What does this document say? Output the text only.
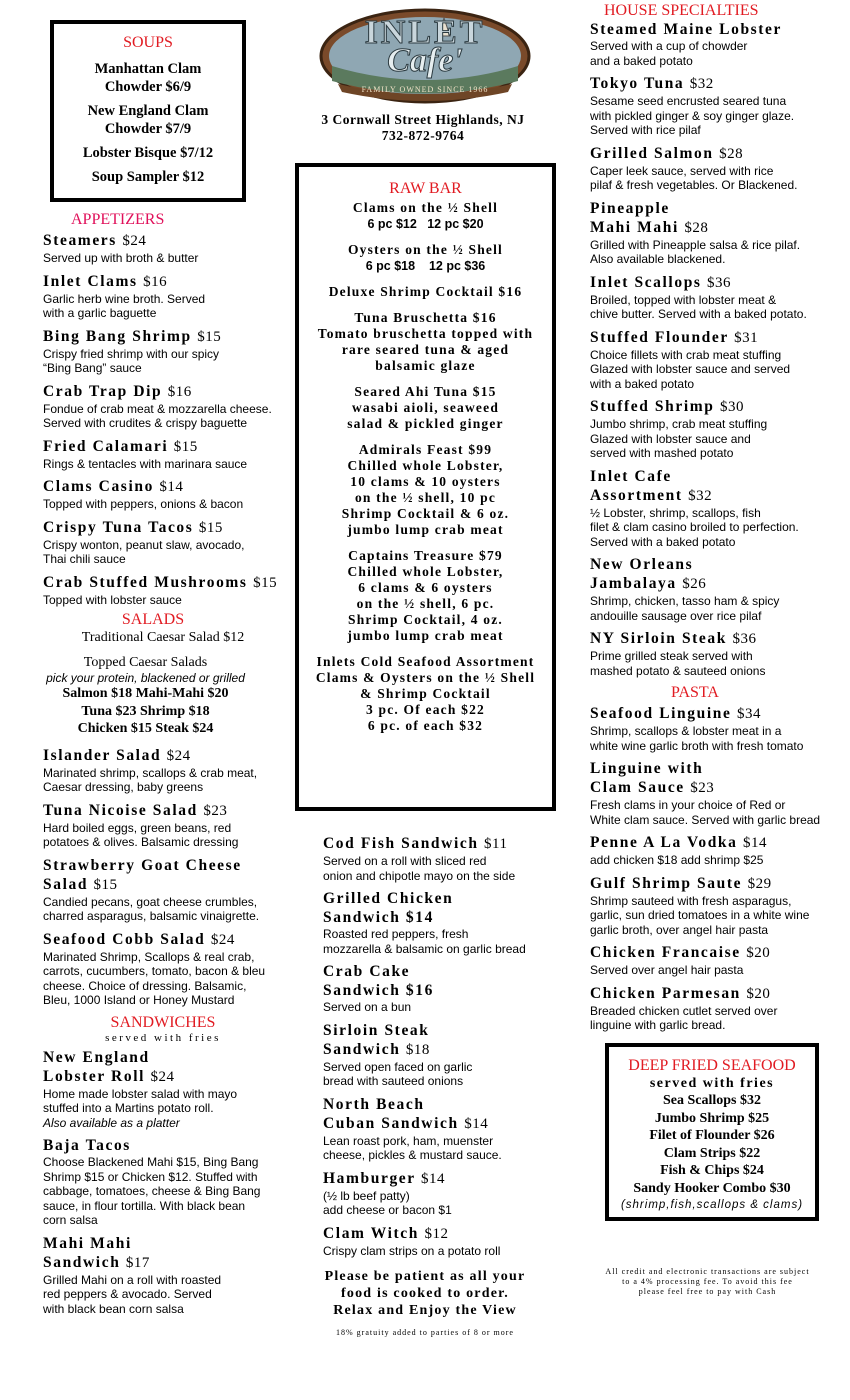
SOUPS
Manhattan Clam
Chowder $6/9
New England Clam
Chowder $7/9
Lobster Bisque $7/12
Soup Sampler $12
INLET
Cafe'
FAMILY OWNED SINCE 1966
3 Cornwall Street Highlands, NJ
732-872-9764
RAW BAR
Clams on the ½ Shell
6 pc $12   12 pc $20
Oysters on the ½ Shell
6 pc $18    12 pc $36
Deluxe Shrimp Cocktail $16
Tuna Bruschetta $16
Tomato bruschetta topped with
rare seared tuna & aged
balsamic glaze
Seared Ahi Tuna $15
wasabi aioli, seaweed
salad & pickled ginger
Admirals Feast $99
Chilled whole Lobster,
10 clams & 10 oysters
on the ½ shell, 10 pc
Shrimp Cocktail & 6 oz.
jumbo lump crab meat
Captains Treasure $79
Chilled whole Lobster,
6 clams & 6 oysters
on the ½ shell, 6 pc.
Shrimp Cocktail, 4 oz.
jumbo lump crab meat
Inlets Cold Seafood Assortment
Clams & Oysters on the ½ Shell
& Shrimp Cocktail
3 pc. Of each $22
6 pc. of each $32
APPETIZERS
Steamers $24
Served up with broth & butter
Inlet Clams $16
Garlic herb wine broth. Served
with a garlic baguette
Bing Bang Shrimp $15
Crispy fried shrimp with our spicy
“Bing Bang” sauce
Crab Trap Dip $16
Fondue of crab meat & mozzarella cheese.
Served with crudites & crispy baguette
Fried Calamari $15
Rings & tentacles with marinara sauce
Clams Casino $14
Topped with peppers, onions & bacon
Crispy Tuna Tacos $15
Crispy wonton, peanut slaw, avocado,
Thai chili sauce
Crab Stuffed Mushrooms $15
Topped with lobster sauce
SALADS
Traditional Caesar Salad $12
Topped Caesar Salads
pick your protein, blackened or grilled
Salmon $18 Mahi-Mahi $20
Tuna $23 Shrimp $18
Chicken $15 Steak $24
Islander Salad $24
Marinated shrimp, scallops & crab meat,
Caesar dressing, baby greens
Tuna Nicoise Salad $23
Hard boiled eggs, green beans, red
potatoes & olives. Balsamic dressing
Strawberry Goat Cheese
Salad $15
Candied pecans, goat cheese crumbles,
charred asparagus, balsamic vinaigrette.
Seafood Cobb Salad $24
Marinated Shrimp, Scallops & real crab,
carrots, cucumbers, tomato, bacon & bleu
cheese. Choice of dressing. Balsamic,
Bleu, 1000 Island or Honey Mustard
SANDWICHES
served with fries
New England
Lobster Roll $24
Home made lobster salad with mayo
stuffed into a Martins potato roll.
Also available as a platter
Baja Tacos
Choose Blackened Mahi $15, Bing Bang
Shrimp $15 or Chicken $12. Stuffed with
cabbage, tomatoes, cheese & Bing Bang
sauce, in flour tortilla. With black bean
corn salsa
Mahi Mahi
Sandwich $17
Grilled Mahi on a roll with roasted
red peppers & avocado. Served
with black bean corn salsa
Cod Fish Sandwich $11
Served on a roll with sliced red
onion and chipotle mayo on the side
Grilled Chicken
Sandwich $14
Roasted red peppers, fresh
mozzarella & balsamic on garlic bread
Crab Cake
Sandwich $16
Served on a bun
Sirloin Steak
Sandwich $18
Served open faced on garlic
bread with sauteed onions
North Beach
Cuban Sandwich $14
Lean roast pork, ham, muenster
cheese, pickles & mustard sauce.
Hamburger $14
(½ lb beef patty)
add cheese or bacon $1
Clam Witch $12
Crispy clam strips on a potato roll
Please be patient as all your
food is cooked to order.
Relax and Enjoy the View
18% gratuity added to parties of 8 or more
HOUSE SPECIALTIES
Steamed Maine Lobster
Served with a cup of chowder
and a baked potato
Tokyo Tuna $32
Sesame seed encrusted seared tuna
with pickled ginger & soy ginger glaze.
Served with rice pilaf
Grilled Salmon $28
Caper leek sauce, served with rice
pilaf & fresh vegetables. Or Blackened.
Pineapple
Mahi Mahi $28
Grilled with Pineapple salsa & rice pilaf.
Also available blackened.
Inlet Scallops $36
Broiled, topped with lobster meat &
chive butter. Served with a baked potato.
Stuffed Flounder $31
Choice fillets with crab meat stuffing
Glazed with lobster sauce and served
with a baked potato
Stuffed Shrimp $30
Jumbo shrimp, crab meat stuffing
Glazed with lobster sauce and
served with mashed potato
Inlet Cafe
Assortment $32
½ Lobster, shrimp, scallops, fish
filet & clam casino broiled to perfection.
Served with a baked potato
New Orleans
Jambalaya $26
Shrimp, chicken, tasso ham & spicy
andouille sausage over rice pilaf
NY Sirloin Steak $36
Prime grilled steak served with
mashed potato & sauteed onions
PASTA
Seafood Linguine $34
Shrimp, scallops & lobster meat in a
white wine garlic broth with fresh tomato
Linguine with
Clam Sauce $23
Fresh clams in your choice of Red or
White clam sauce. Served with garlic bread
Penne A La Vodka $14
add chicken $18 add shrimp $25
Gulf Shrimp Saute $29
Shrimp sauteed with fresh asparagus,
garlic, sun dried tomatoes in a white wine
garlic broth, over angel hair pasta
Chicken Francaise $20
Served over angel hair pasta
Chicken Parmesan $20
Breaded chicken cutlet served over
linguine with garlic bread.
DEEP FRIED SEAFOOD
served with fries
Sea Scallops $32
Jumbo Shrimp $25
Filet of Flounder $26
Clam Strips $22
Fish & Chips $24
Sandy Hooker Combo $30
(shrimp,fish,scallops & clams)
All credit and electronic transactions are subject
to a 4% processing fee. To avoid this fee
please feel free to pay with Cash
